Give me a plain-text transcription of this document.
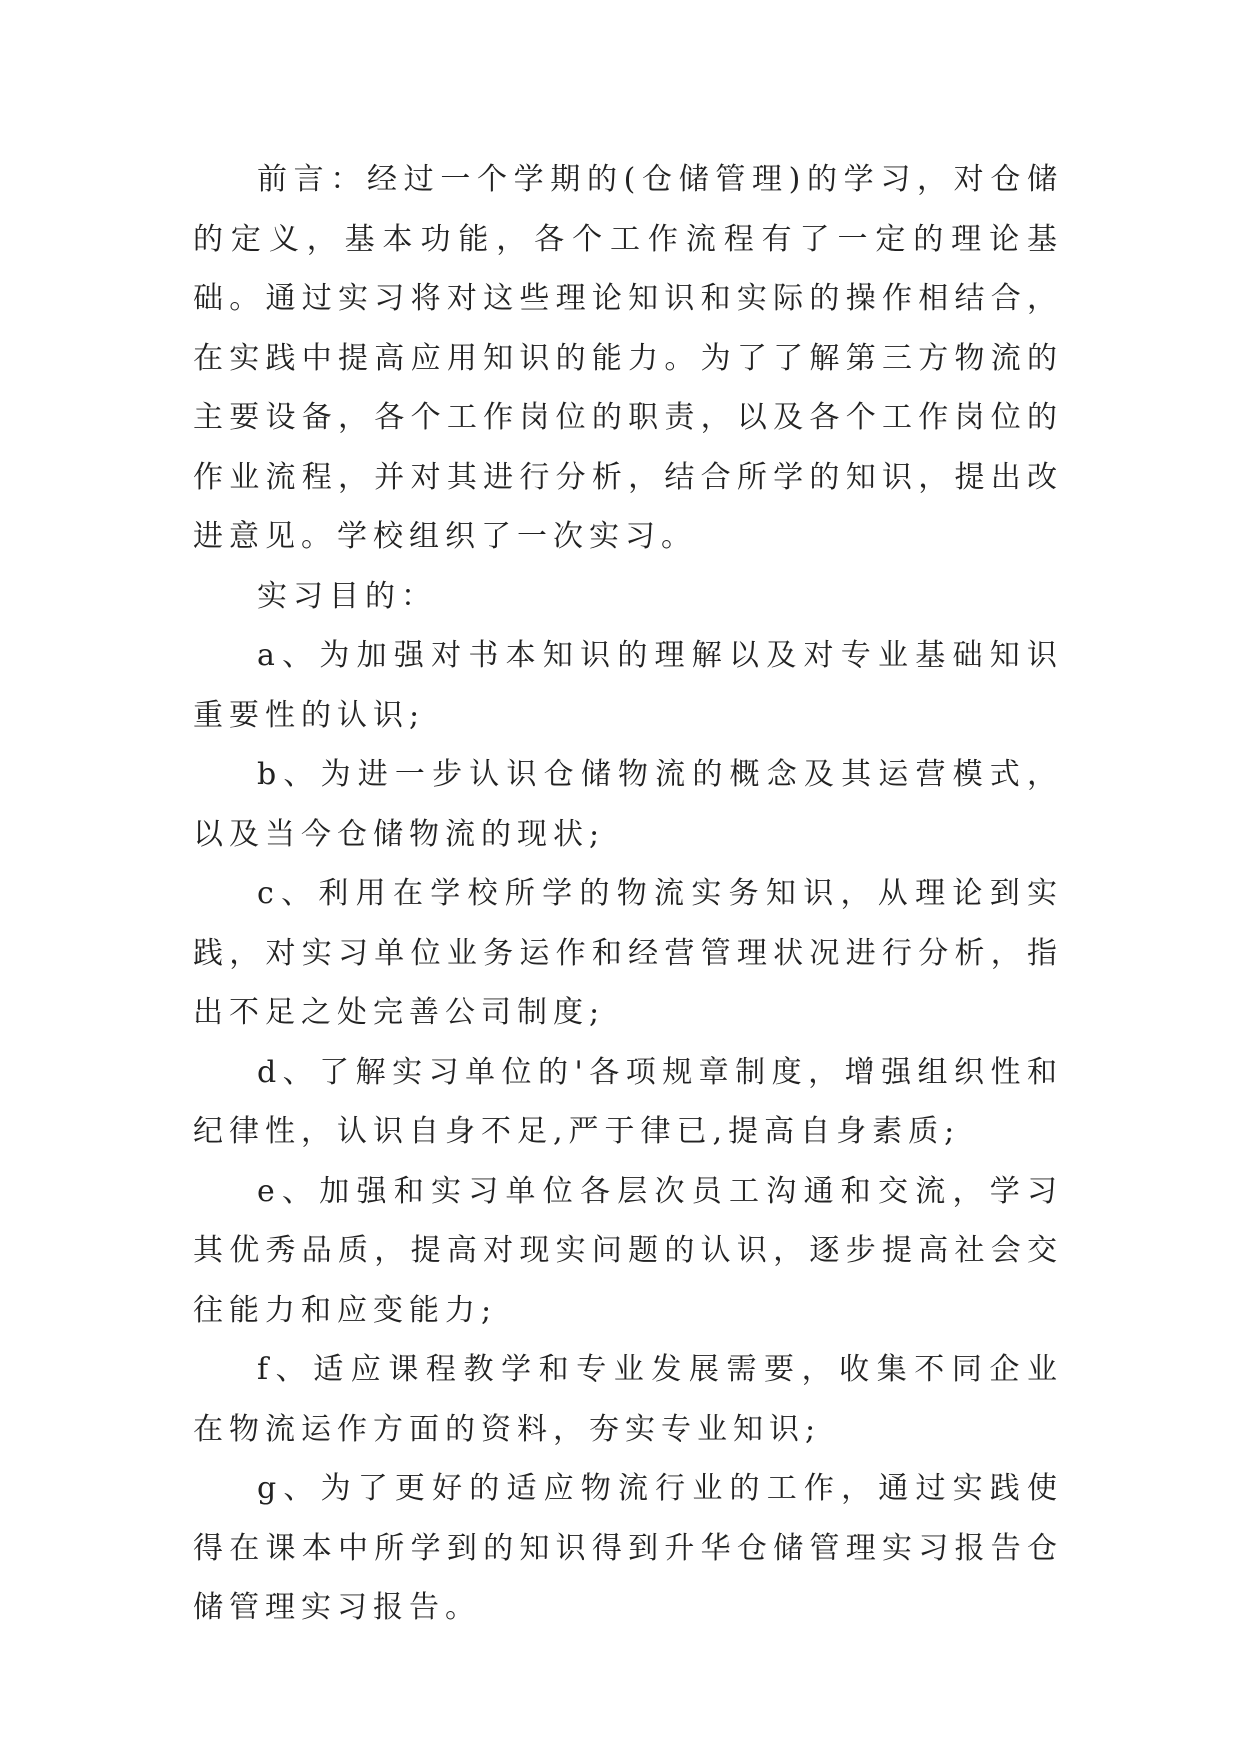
前言：经过一个学期的(仓储管理)的学习，对仓储的定义，基本功能，各个工作流程有了一定的理论基础。通过实习将对这些理论知识和实际的操作相结合，在实践中提高应用知识的能力。为了了解第三方物流的主要设备，各个工作岗位的职责，以及各个工作岗位的作业流程，并对其进行分析，结合所学的知识，提出改进意见。学校组织了一次实习。

实习目的：

a、为加强对书本知识的理解以及对专业基础知识重要性的认识;

b、为进一步认识仓储物流的概念及其运营模式，以及当今仓储物流的现状;

c、利用在学校所学的物流实务知识，从理论到实践，对实习单位业务运作和经营管理状况进行分析，指出不足之处完善公司制度;

d、了解实习单位的'各项规章制度，增强组织性和纪律性，认识自身不足,严于律已,提高自身素质;

e、加强和实习单位各层次员工沟通和交流，学习其优秀品质，提高对现实问题的认识，逐步提高社会交往能力和应变能力;

f、适应课程教学和专业发展需要，收集不同企业在物流运作方面的资料，夯实专业知识;

g、为了更好的适应物流行业的工作，通过实践使得在课本中所学到的知识得到升华仓储管理实习报告仓储管理实习报告。
